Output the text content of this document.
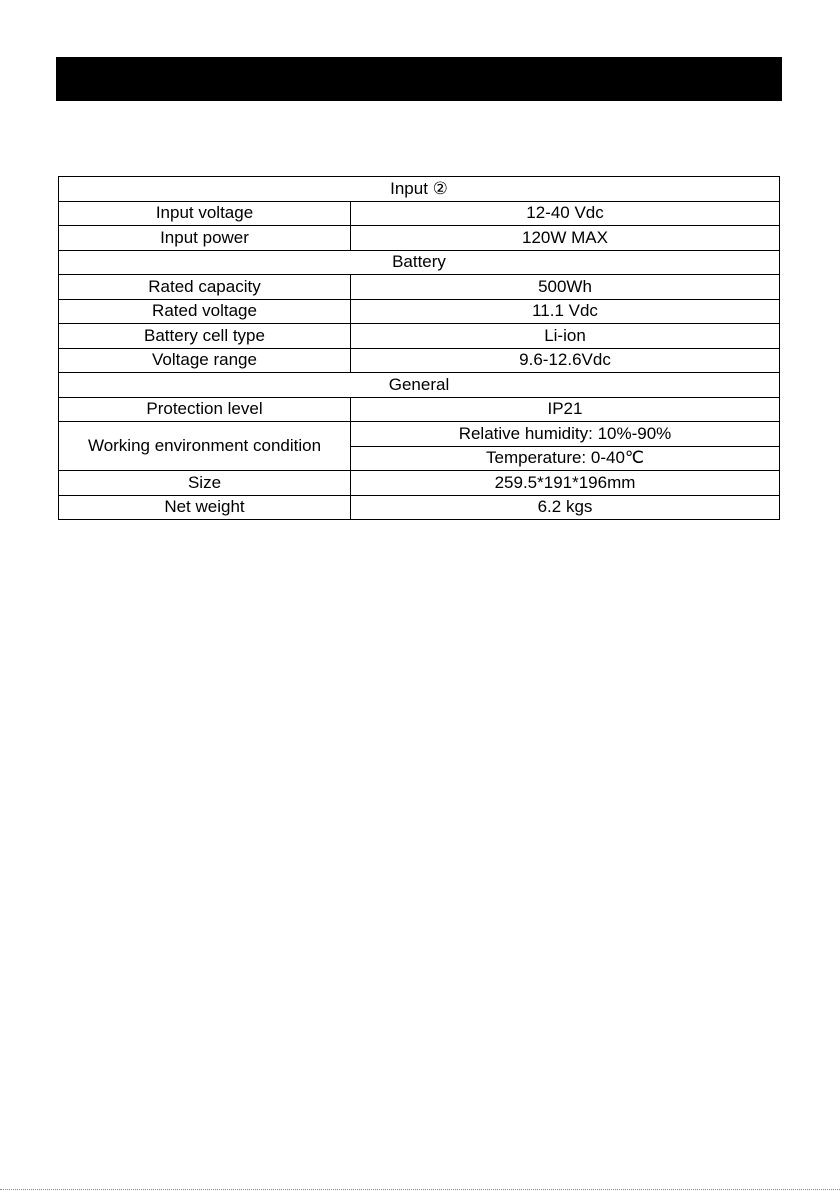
Input ②	
Input voltage	12-40 Vdc
Input power	120W MAX
Battery	
Rated capacity	500Wh
Rated voltage	11.1 Vdc
Battery cell type	Li-ion
Voltage range	9.6-12.6Vdc
General	
Protection level	IP21
Working environment condition	Relative humidity: 10%-90%
	Temperature: 0-40℃
Size	259.5*191*196mm
Net weight	6.2 kgs
